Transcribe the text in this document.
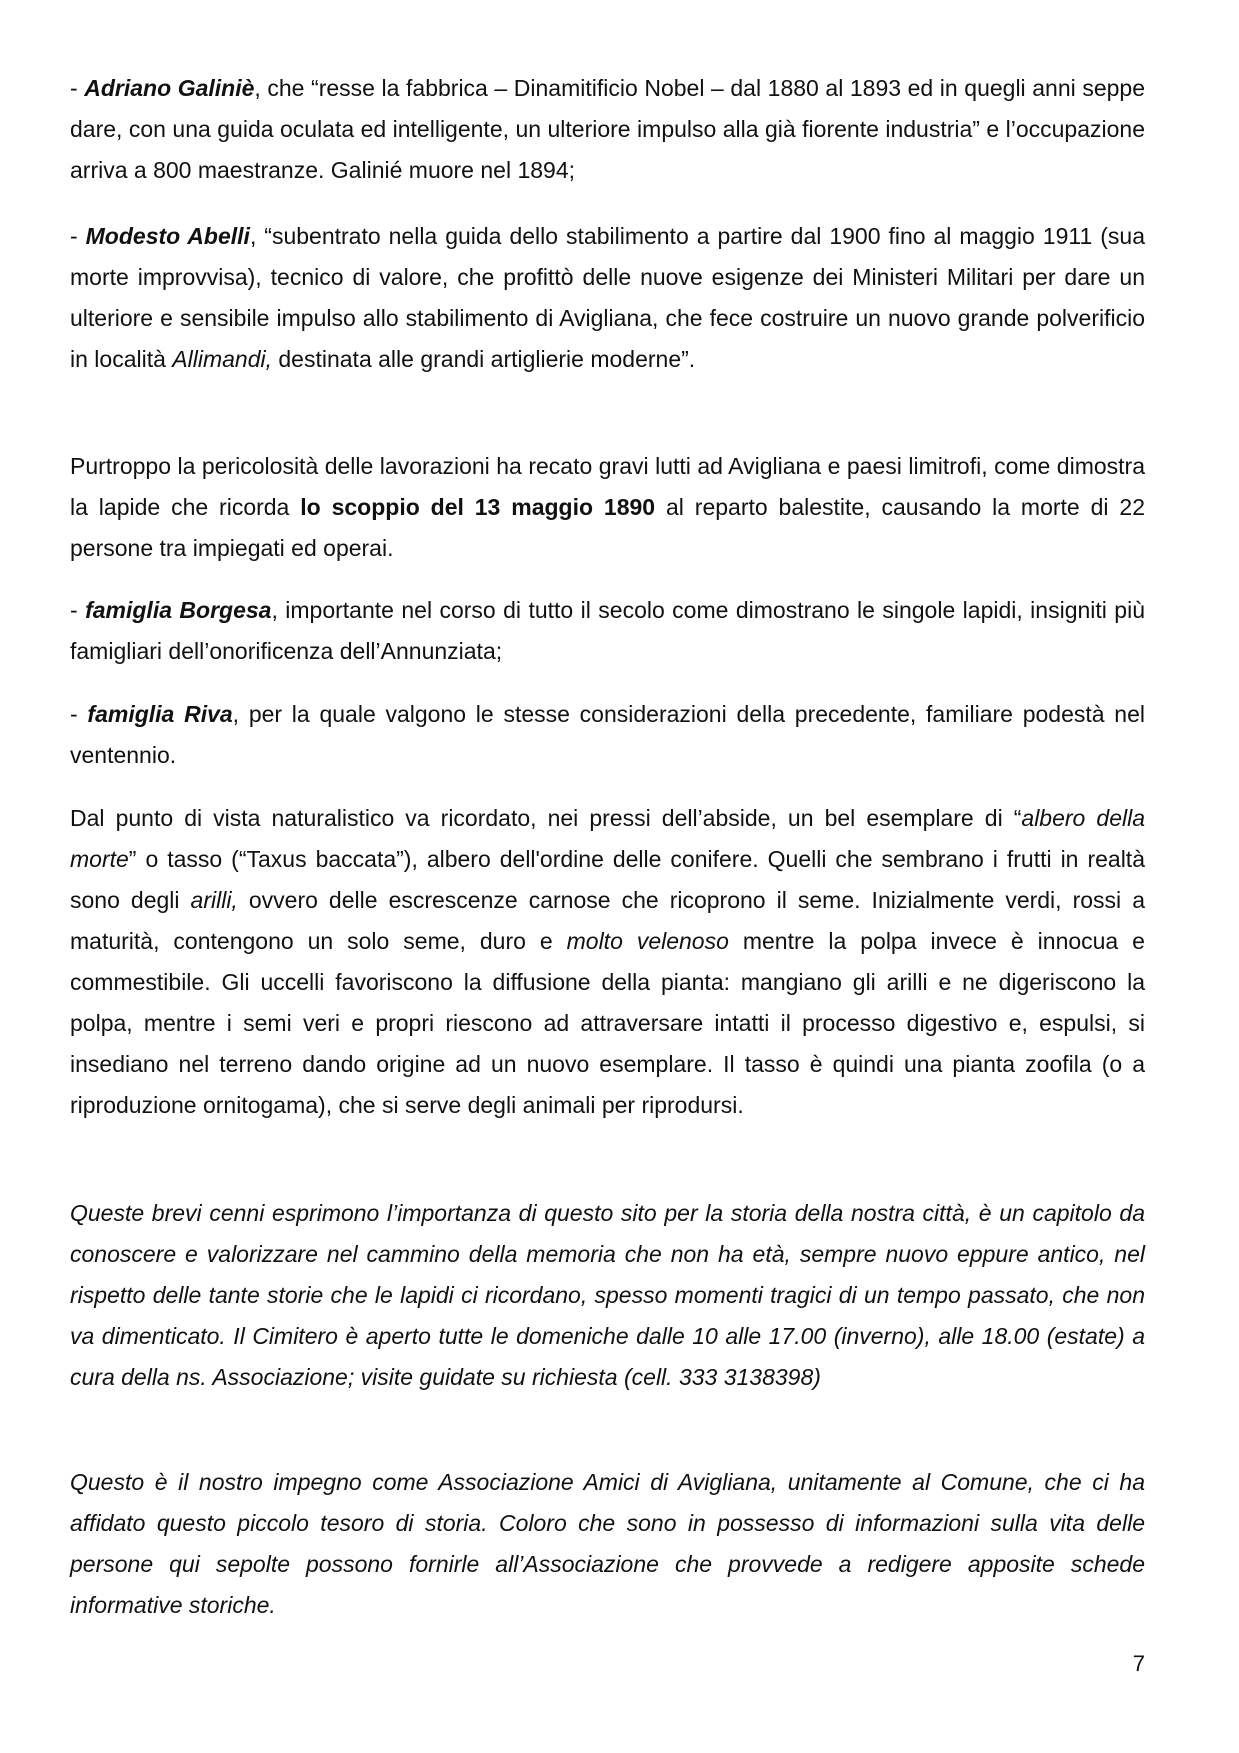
- Adriano Galiniè, che “resse la fabbrica – Dinamitificio Nobel – dal 1880 al 1893 ed in quegli anni seppe dare, con una guida oculata ed intelligente, un ulteriore impulso alla già fiorente industria” e l’occupazione arriva a 800 maestranze. Galinié muore nel 1894;

- Modesto Abelli, “subentrato nella guida dello stabilimento a partire dal 1900 fino al maggio 1911 (sua morte improvvisa), tecnico di valore, che profittò delle nuove esigenze dei Ministeri Militari per dare un ulteriore e sensibile impulso allo stabilimento di Avigliana, che fece costruire un nuovo grande polverificio in località Allimandi, destinata alle grandi artiglierie moderne”.

Purtroppo la pericolosità delle lavorazioni ha recato gravi lutti ad Avigliana e paesi limitrofi, come dimostra la lapide che ricorda lo scoppio del 13 maggio 1890 al reparto balestite, causando la morte di 22 persone tra impiegati ed operai.

- famiglia Borgesa, importante nel corso di tutto il secolo come dimostrano le singole lapidi, insigniti più famigliari dell’onorificenza dell’Annunziata;

- famiglia Riva, per la quale valgono le stesse considerazioni della precedente, familiare podestà nel ventennio.

Dal punto di vista naturalistico va ricordato, nei pressi dell’abside, un bel esemplare di “albero della morte” o tasso (“Taxus baccata”), albero dell'ordine delle conifere. Quelli che sembrano i frutti in realtà sono degli arilli, ovvero delle escrescenze carnose che ricoprono il seme. Inizialmente verdi, rossi a maturità, contengono un solo seme, duro e molto velenoso mentre la polpa invece è innocua e commestibile. Gli uccelli favoriscono la diffusione della pianta: mangiano gli arilli e ne digeriscono la polpa, mentre i semi veri e propri riescono ad attraversare intatti il processo digestivo e, espulsi, si insediano nel terreno dando origine ad un nuovo esemplare. Il tasso è quindi una pianta zoofila (o a riproduzione ornitogama), che si serve degli animali per riprodursi.

Queste brevi cenni esprimono l’importanza di questo sito per la storia della nostra città, è un capitolo da conoscere e valorizzare nel cammino della memoria che non ha età, sempre nuovo eppure antico, nel rispetto delle tante storie che le lapidi ci ricordano, spesso momenti tragici di un tempo passato, che non va dimenticato. Il Cimitero è aperto tutte le domeniche dalle 10 alle 17.00 (inverno), alle 18.00 (estate) a cura della ns. Associazione; visite guidate su richiesta (cell. 333 3138398)

Questo è il nostro impegno come Associazione Amici di Avigliana, unitamente al Comune, che ci ha affidato questo piccolo tesoro di storia. Coloro che sono in possesso di informazioni sulla vita delle persone qui sepolte possono fornirle all’Associazione che provvede a redigere apposite schede informative storiche.

7
